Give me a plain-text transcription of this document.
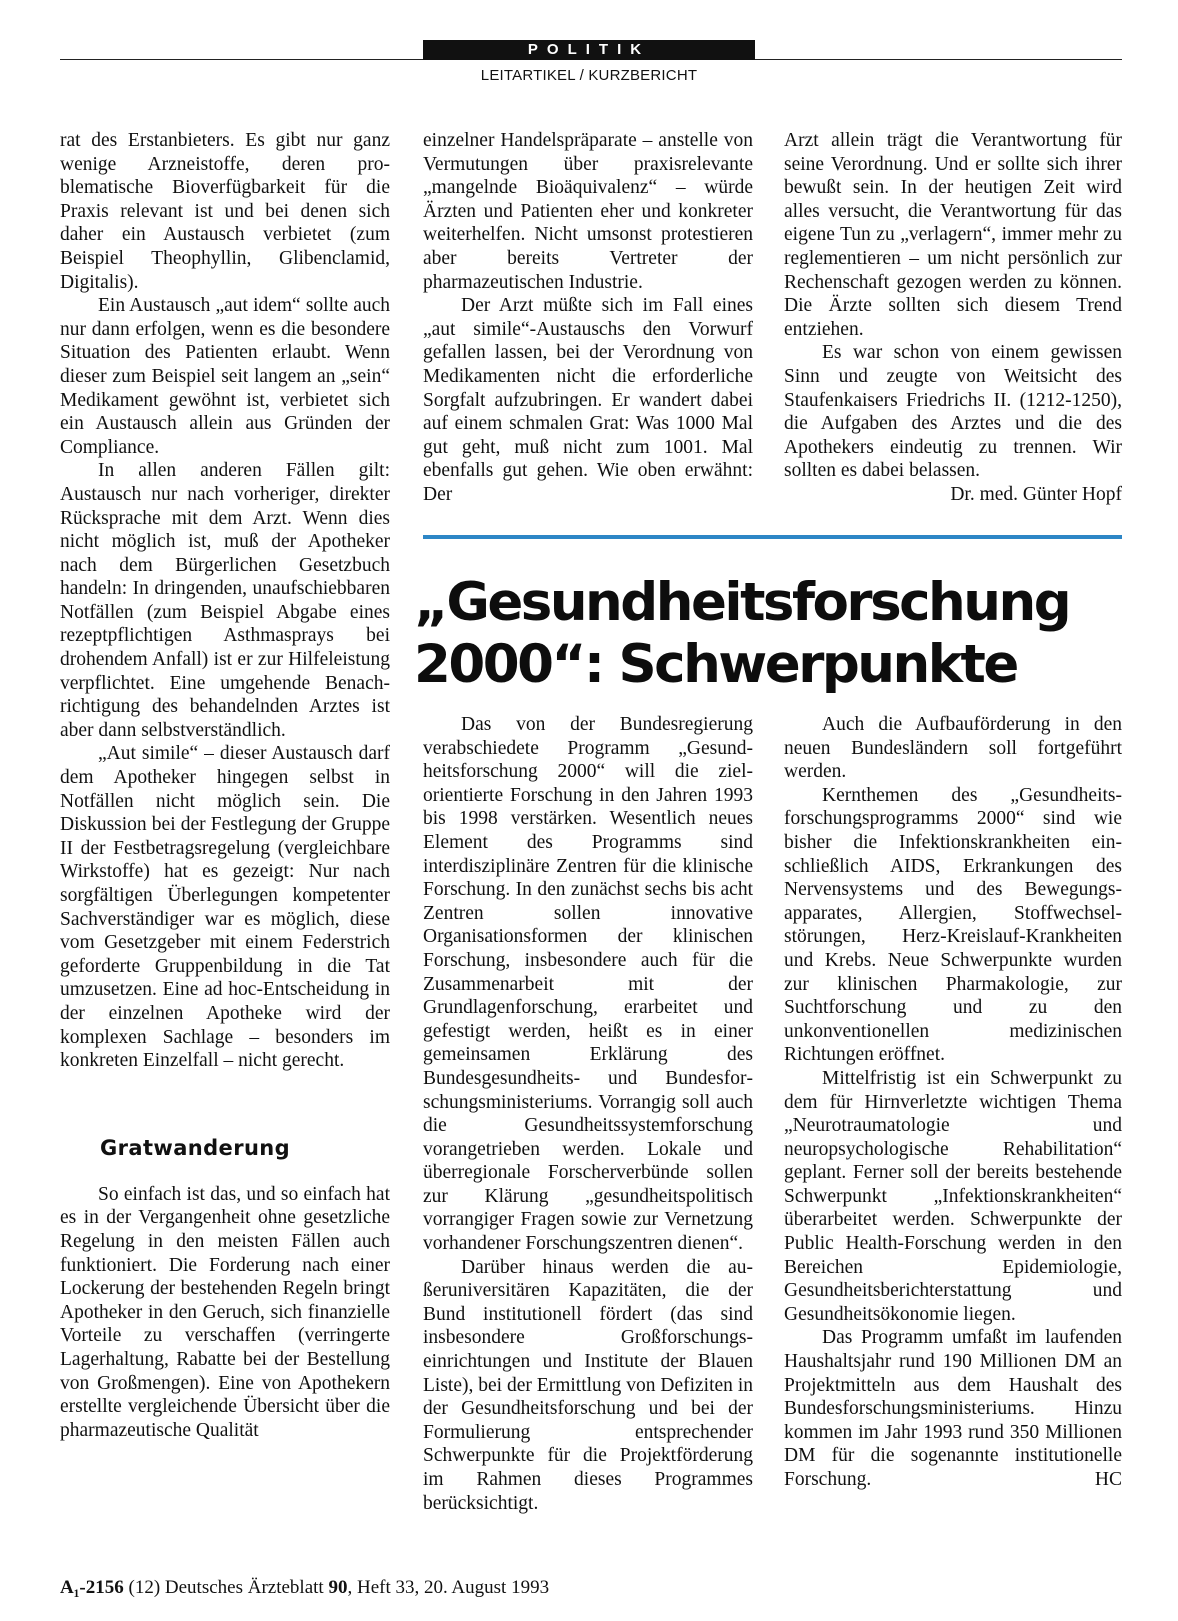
POLITIK
LEITARTIKEL / KURZBERICHT

rat des Erstanbieters. Es gibt nur ganz wenige Arzneistoffe, deren problematische Bioverfügbarkeit für die Praxis relevant ist und bei denen sich daher ein Austausch verbietet (zum Beispiel Theophyllin, Glibenclamid, Digitalis).

Ein Austausch „aut idem“ sollte auch nur dann erfolgen, wenn es die besondere Situation des Patienten erlaubt. Wenn dieser zum Beispiel seit langem an „sein“ Medikament gewöhnt ist, verbietet sich ein Austausch allein aus Gründen der Compliance.

In allen anderen Fällen gilt: Austausch nur nach vorheriger, direkter Rücksprache mit dem Arzt. Wenn dies nicht möglich ist, muß der Apotheker nach dem Bürgerlichen Gesetzbuch handeln: In dringenden, unaufschiebbaren Notfällen (zum Beispiel Abgabe eines rezeptpflichtigen Asthmasprays bei drohendem Anfall) ist er zur Hilfeleistung verpflichtet. Eine umgehende Benachrichtigung des behandelnden Arztes ist aber dann selbstverständlich.

„Aut simile“ – dieser Austausch darf dem Apotheker hingegen selbst in Notfällen nicht möglich sein. Die Diskussion bei der Festlegung der Gruppe II der Festbetragsregelung (vergleichbare Wirkstoffe) hat es gezeigt: Nur nach sorgfältigen Überlegungen kompetenter Sachverständiger war es möglich, diese vom Gesetzgeber mit einem Federstrich geforderte Gruppenbildung in die Tat umzusetzen. Eine ad hoc-Entscheidung in der einzelnen Apotheke wird der komplexen Sachlage – besonders im konkreten Einzelfall – nicht gerecht.

Gratwanderung

So einfach ist das, und so einfach hat es in der Vergangenheit ohne gesetzliche Regelung in den meisten Fällen auch funktioniert. Die Forderung nach einer Lockerung der bestehenden Regeln bringt Apotheker in den Geruch, sich finanzielle Vorteile zu verschaffen (verringerte Lagerhaltung, Rabatte bei der Bestellung von Großmengen). Eine von Apothekern erstellte vergleichende Übersicht über die pharmazeutische Qualität

einzelner Handelspräparate – anstelle von Vermutungen über praxisrelevante „mangelnde Bioäquivalenz“ – würde Ärzten und Patienten eher und konkreter weiterhelfen. Nicht umsonst protestieren aber bereits Vertreter der pharmazeutischen Industrie.

Der Arzt müßte sich im Fall eines „aut simile“-Austauschs den Vorwurf gefallen lassen, bei der Verordnung von Medikamenten nicht die erforderliche Sorgfalt aufzubringen. Er wandert dabei auf einem schmalen Grat: Was 1000 Mal gut geht, muß nicht zum 1001. Mal ebenfalls gut gehen. Wie oben erwähnt: Der

Arzt allein trägt die Verantwortung für seine Verordnung. Und er sollte sich ihrer bewußt sein. In der heutigen Zeit wird alles versucht, die Verantwortung für das eigene Tun zu „verlagern“, immer mehr zu reglementieren – um nicht persönlich zur Rechenschaft gezogen werden zu können. Die Ärzte sollten sich diesem Trend entziehen.

Es war schon von einem gewissen Sinn und zeugte von Weitsicht des Staufenkaisers Friedrichs II. (1212-1250), die Aufgaben des Arztes und die des Apothekers eindeutig zu trennen. Wir sollten es dabei belassen.
Dr. med. Günter Hopf

„Gesundheitsforschung
2000“: Schwerpunkte

Das von der Bundesregierung verabschiedete Programm „Gesundheitsforschung 2000“ will die zielorientierte Forschung in den Jahren 1993 bis 1998 verstärken. Wesentlich neues Element des Programms sind interdisziplinäre Zentren für die klinische Forschung. In den zunächst sechs bis acht Zentren sollen innovative Organisationsformen der klinischen Forschung, insbesondere auch für die Zusammenarbeit mit der Grundlagenforschung, erarbeitet und gefestigt werden, heißt es in einer gemeinsamen Erklärung des Bundesgesundheits- und Bundesforschungsministeriums. Vorrangig soll auch die Gesundheitssystemforschung vorangetrieben werden. Lokale und überregionale Forscherverbünde sollen zur Klärung „gesundheitspolitisch vorrangiger Fragen sowie zur Vernetzung vorhandener Forschungszentren dienen“.

Darüber hinaus werden die außeruniversitären Kapazitäten, die der Bund institutionell fördert (das sind insbesondere Großforschungseinrichtungen und Institute der Blauen Liste), bei der Ermittlung von Defiziten in der Gesundheitsforschung und bei der Formulierung entsprechender Schwerpunkte für die Projektförderung im Rahmen dieses Programmes berücksichtigt.

Auch die Aufbauförderung in den neuen Bundesländern soll fortgeführt werden.

Kernthemen des „Gesundheitsforschungsprogramms 2000“ sind wie bisher die Infektionskrankheiten einschließlich AIDS, Erkrankungen des Nervensystems und des Bewegungsapparates, Allergien, Stoffwechselstörungen, Herz-Kreislauf-Krankheiten und Krebs. Neue Schwerpunkte wurden zur klinischen Pharmakologie, zur Suchtforschung und zu den unkonventionellen medizinischen Richtungen eröffnet.

Mittelfristig ist ein Schwerpunkt zu dem für Hirnverletzte wichtigen Thema „Neurotraumatologie und neuropsychologische Rehabilitation“ geplant. Ferner soll der bereits bestehende Schwerpunkt „Infektionskrankheiten“ überarbeitet werden. Schwerpunkte der Public Health-Forschung werden in den Bereichen Epidemiologie, Gesundheitsberichterstattung und Gesundheitsökonomie liegen.

Das Programm umfaßt im laufenden Haushaltsjahr rund 190 Millionen DM an Projektmitteln aus dem Haushalt des Bundesforschungsministeriums. Hinzu kommen im Jahr 1993 rund 350 Millionen DM für die sogenannte institutionelle Forschung.	HC

A₁-2156 (12) Deutsches Ärzteblatt 90, Heft 33, 20. August 1993
